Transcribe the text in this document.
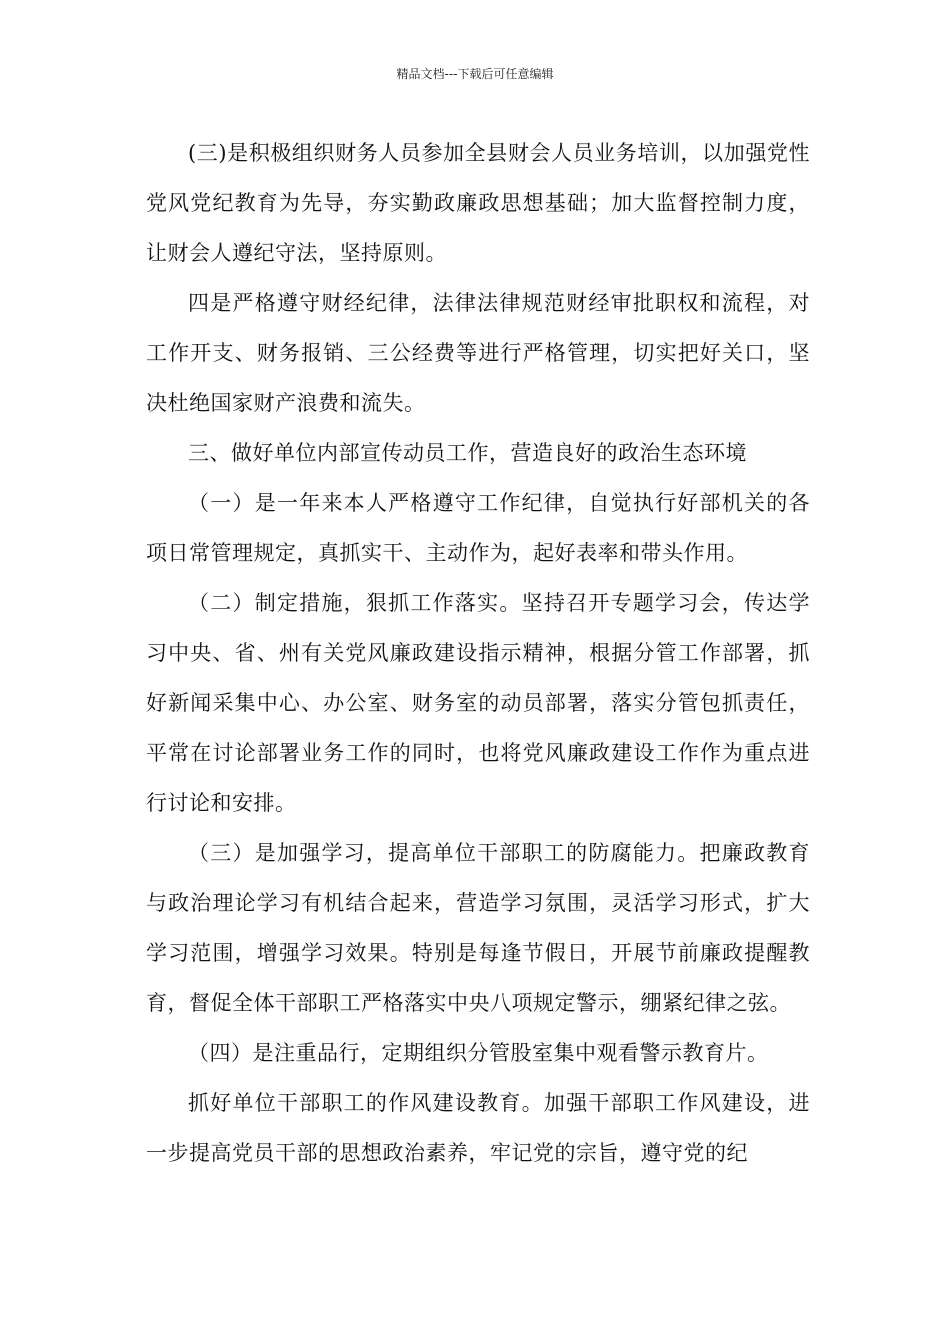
精品文档---下载后可任意编辑

(三)是积极组织财务人员参加全县财会人员业务培训，以加强党性党风党纪教育为先导，夯实勤政廉政思想基础；加大监督控制力度，让财会人遵纪守法，坚持原则。

四是严格遵守财经纪律，法律法律规范财经审批职权和流程，对工作开支、财务报销、三公经费等进行严格管理，切实把好关口，坚决杜绝国家财产浪费和流失。

三、做好单位内部宣传动员工作，营造良好的政治生态环境

（一）是一年来本人严格遵守工作纪律，自觉执行好部机关的各项日常管理规定，真抓实干、主动作为，起好表率和带头作用。

（二）制定措施，狠抓工作落实。坚持召开专题学习会，传达学习中央、省、州有关党风廉政建设指示精神，根据分管工作部署，抓好新闻采集中心、办公室、财务室的动员部署，落实分管包抓责任，平常在讨论部署业务工作的同时，也将党风廉政建设工作作为重点进行讨论和安排。

（三）是加强学习，提高单位干部职工的防腐能力。把廉政教育与政治理论学习有机结合起来，营造学习氛围，灵活学习形式，扩大学习范围，增强学习效果。特别是每逢节假日，开展节前廉政提醒教育，督促全体干部职工严格落实中央八项规定警示，绷紧纪律之弦。

（四）是注重品行，定期组织分管股室集中观看警示教育片。

抓好单位干部职工的作风建设教育。加强干部职工作风建设，进一步提高党员干部的思想政治素养，牢记党的宗旨，遵守党的纪
